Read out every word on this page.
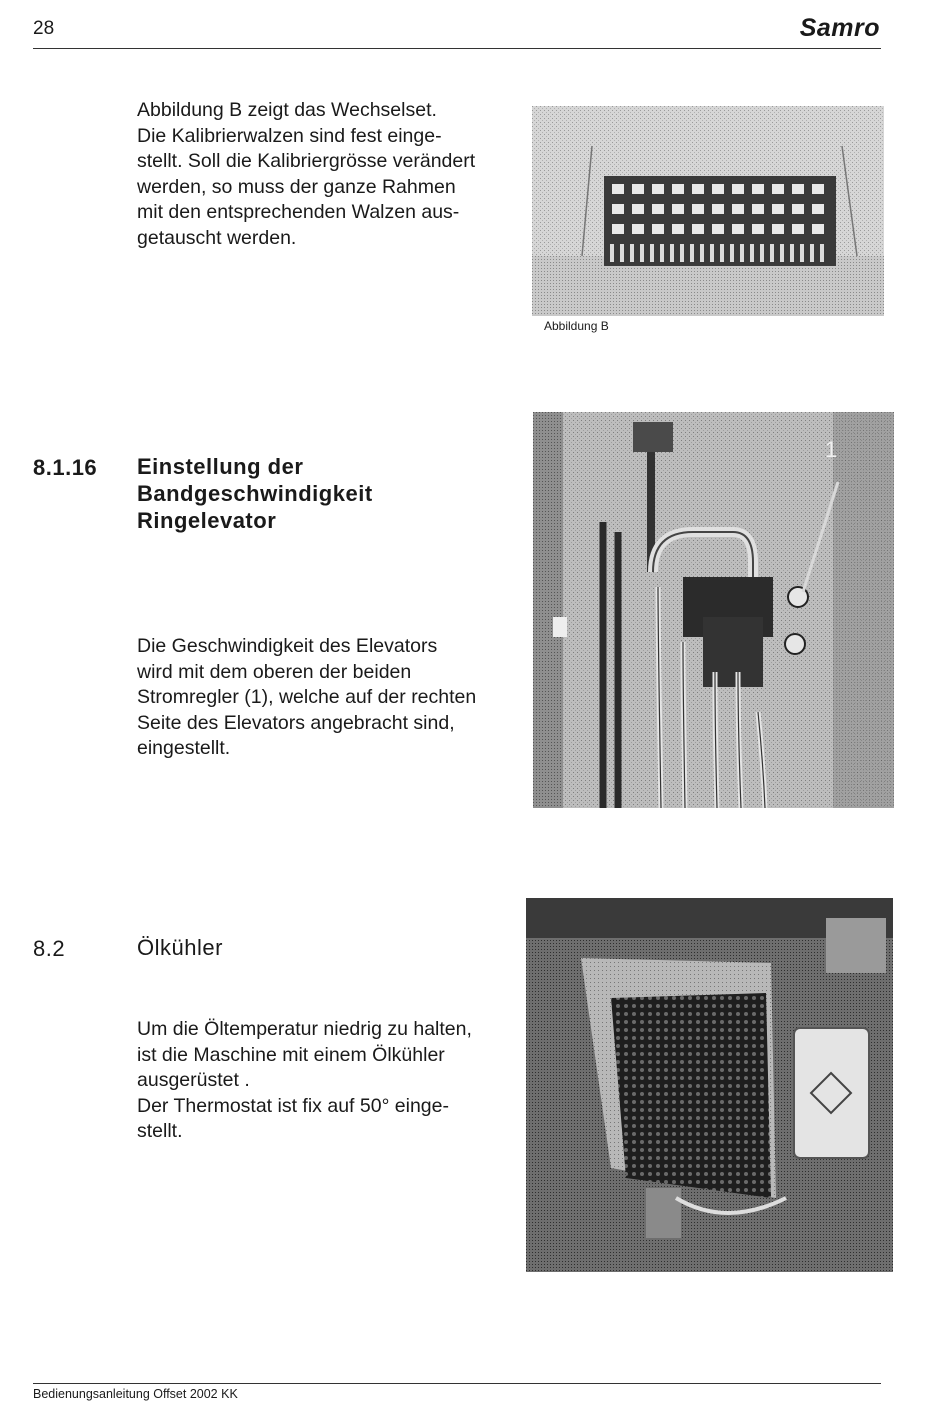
28	Samro

Abbildung B zeigt das Wechselset.

Die Kalibrierwalzen sind fest einge-

stellt. Soll die Kalibriergrösse verändert

werden, so muss der ganze Rahmen

mit den entsprechenden Walzen aus-

getauscht werden.

Abbildung B
8.1.16 Einstellung der
Bandgeschwindigkeit
Ringelevator

Die Geschwindigkeit des Elevators

wird mit dem oberen der beiden

Stromregler (1), welche auf der rechten

Seite des Elevators angebracht sind,

eingestellt.

1
8.2	Ölkühler

Um die Öltemperatur niedrig zu halten,

ist die Maschine mit einem Ölkühler

ausgerüstet .

Der Thermostat ist fix auf 50° einge-

stellt.

Bedienungsanleitung Offset 2002 KK
